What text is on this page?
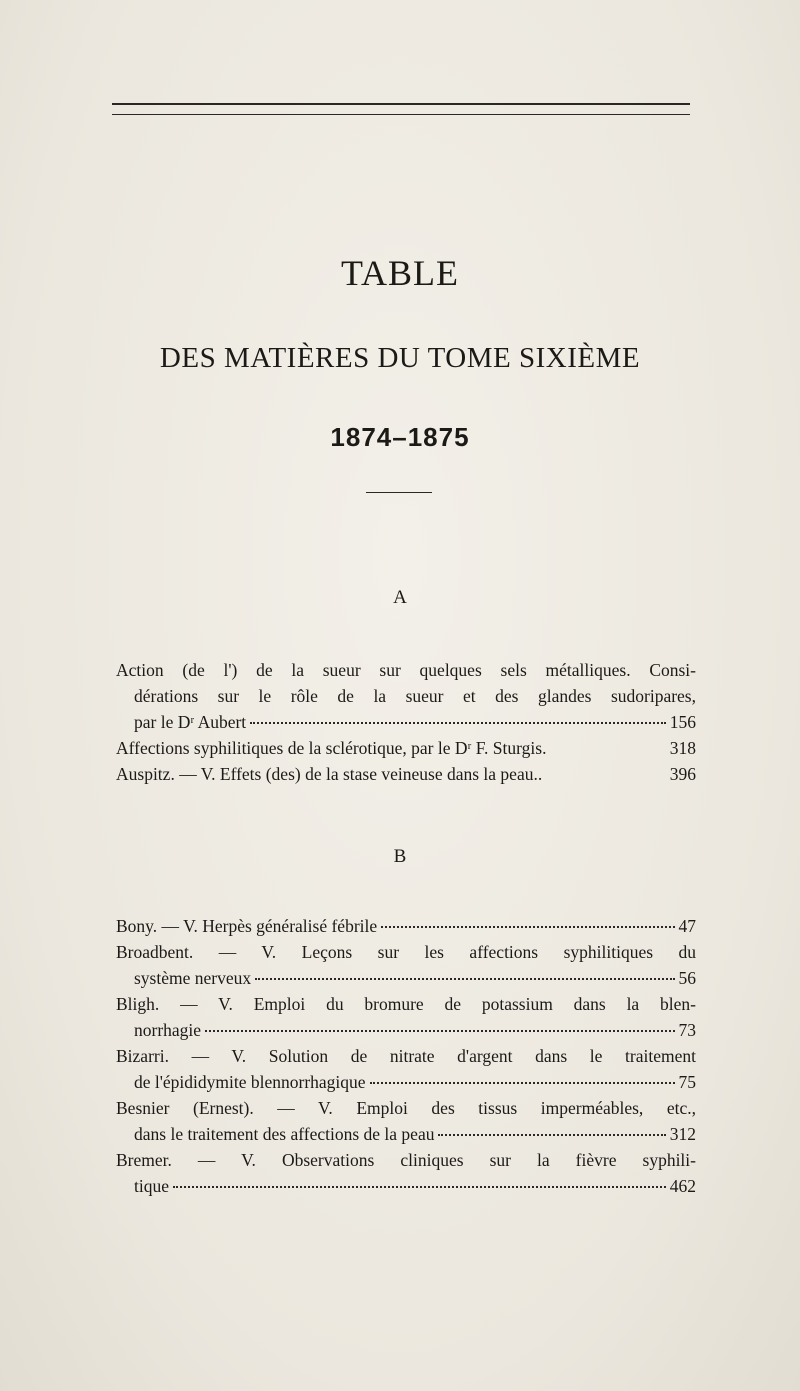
TABLE
DES MATIÈRES DU TOME SIXIÈME
1874–1875
A
Action (de l') de la sueur sur quelques sels métalliques. Consi-
dérations sur le rôle de la sueur et des glandes sudoripares,
par le Dʳ Aubert	156
Affections syphilitiques de la sclérotique, par le Dʳ F. Sturgis.	318
Auspitz. — V. Effets (des) de la stase veineuse dans la peau..	396
B
Bony. — V. Herpès généralisé fébrile	47
Broadbent. — V. Leçons sur les affections syphilitiques du
système nerveux	56
Bligh. — V. Emploi du bromure de potassium dans la blen-
norrhagie	73
Bizarri. — V. Solution de nitrate d'argent dans le traitement
de l'épididymite blennorrhagique	75
Besnier (Ernest). — V. Emploi des tissus imperméables, etc.,
dans le traitement des affections de la peau	312
Bremer. — V. Observations cliniques sur la fièvre syphili-
tique	462
